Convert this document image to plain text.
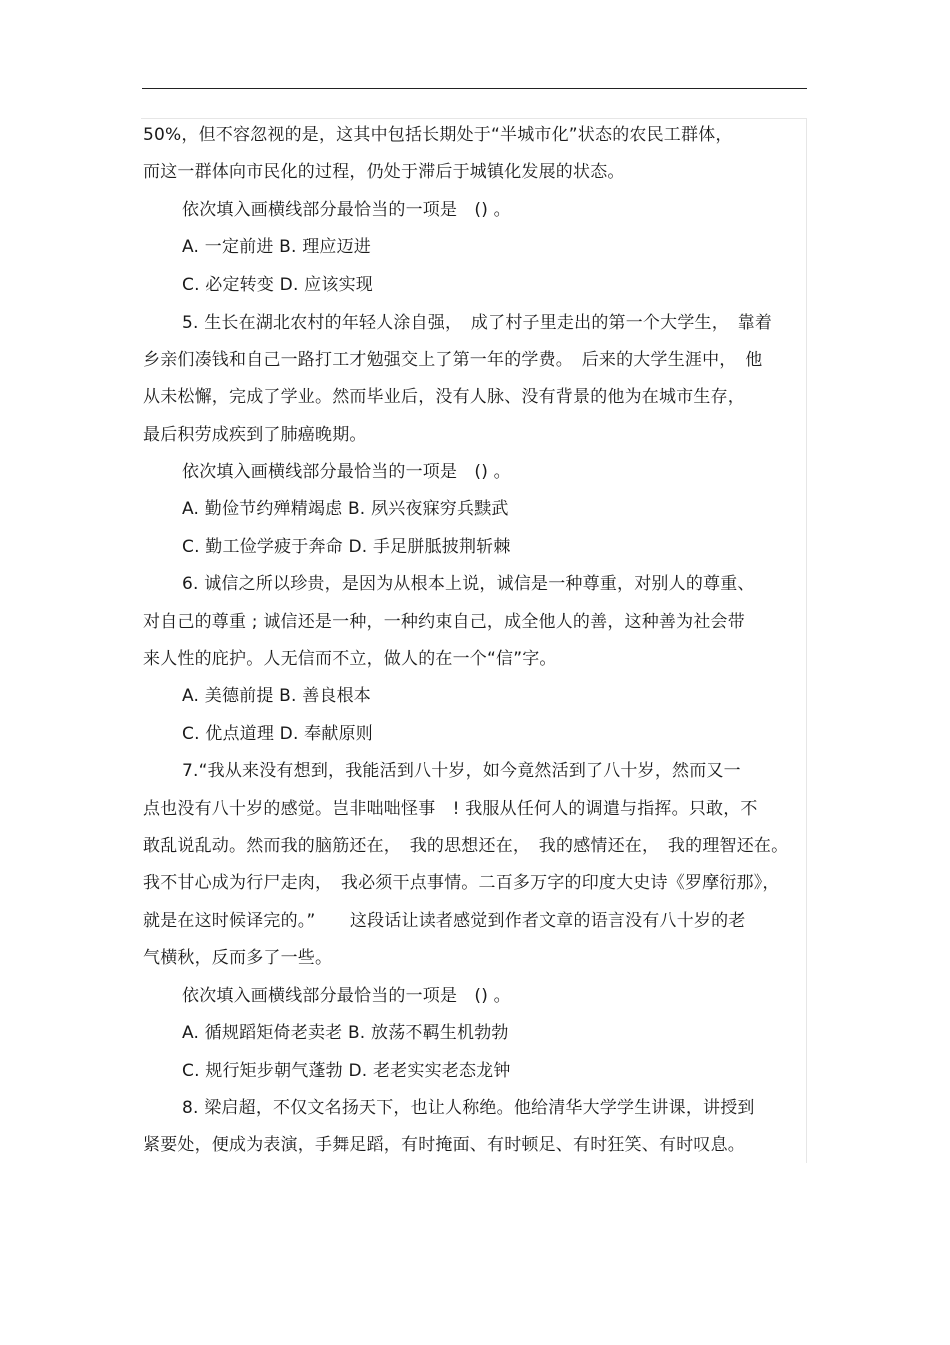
50%，但不容忽视的是，这其中包括长期处于“半城市化”状态的农民工群体，
而这一群体向市民化的过程，仍处于滞后于城镇化发展的状态。
依次填入画横线部分最恰当的一项是　() 。
A. 一定前进 B. 理应迈进
C. 必定转变 D. 应该实现
5. 生长在湖北农村的年轻人涂自强，　成了村子里走出的第一个大学生，　靠着
乡亲们凑钱和自己一路打工才勉强交上了第一年的学费。　后来的大学生涯中，　他
从未松懈，完成了学业。然而毕业后，没有人脉、没有背景的他为在城市生存，
最后积劳成疾到了肺癌晚期。
依次填入画横线部分最恰当的一项是　() 。
A. 勤俭节约殚精竭虑 B. 夙兴夜寐穷兵黩武
C. 勤工俭学疲于奔命 D. 手足胼胝披荆斩棘
6. 诚信之所以珍贵，是因为从根本上说，诚信是一种尊重，对别人的尊重、
对自己的尊重 ; 诚信还是一种，一种约束自己，成全他人的善，这种善为社会带
来人性的庇护。人无信而不立，做人的在一个“信”字。
A. 美德前提 B. 善良根本
C. 优点道理 D. 奉献原则
7.“我从来没有想到，我能活到八十岁，如今竟然活到了八十岁，然而又一
点也没有八十岁的感觉。岂非咄咄怪事　! 我服从任何人的调遣与指挥。只敢，不
敢乱说乱动。然而我的脑筋还在，　我的思想还在，　我的感情还在，　我的理智还在。
我不甘心成为行尸走肉，　我必须干点事情。二百多万字的印度大史诗《罗摩衍那》，
就是在这时候译完的。”　　这段话让读者感觉到作者文章的语言没有八十岁的老
气横秋，反而多了一些。
依次填入画横线部分最恰当的一项是　() 。
A. 循规蹈矩倚老卖老 B. 放荡不羁生机勃勃
C. 规行矩步朝气蓬勃 D. 老老实实老态龙钟
8. 梁启超，不仅文名扬天下，也让人称绝。他给清华大学学生讲课，讲授到
紧要处，便成为表演，手舞足蹈，有时掩面、有时顿足、有时狂笑、有时叹息。
